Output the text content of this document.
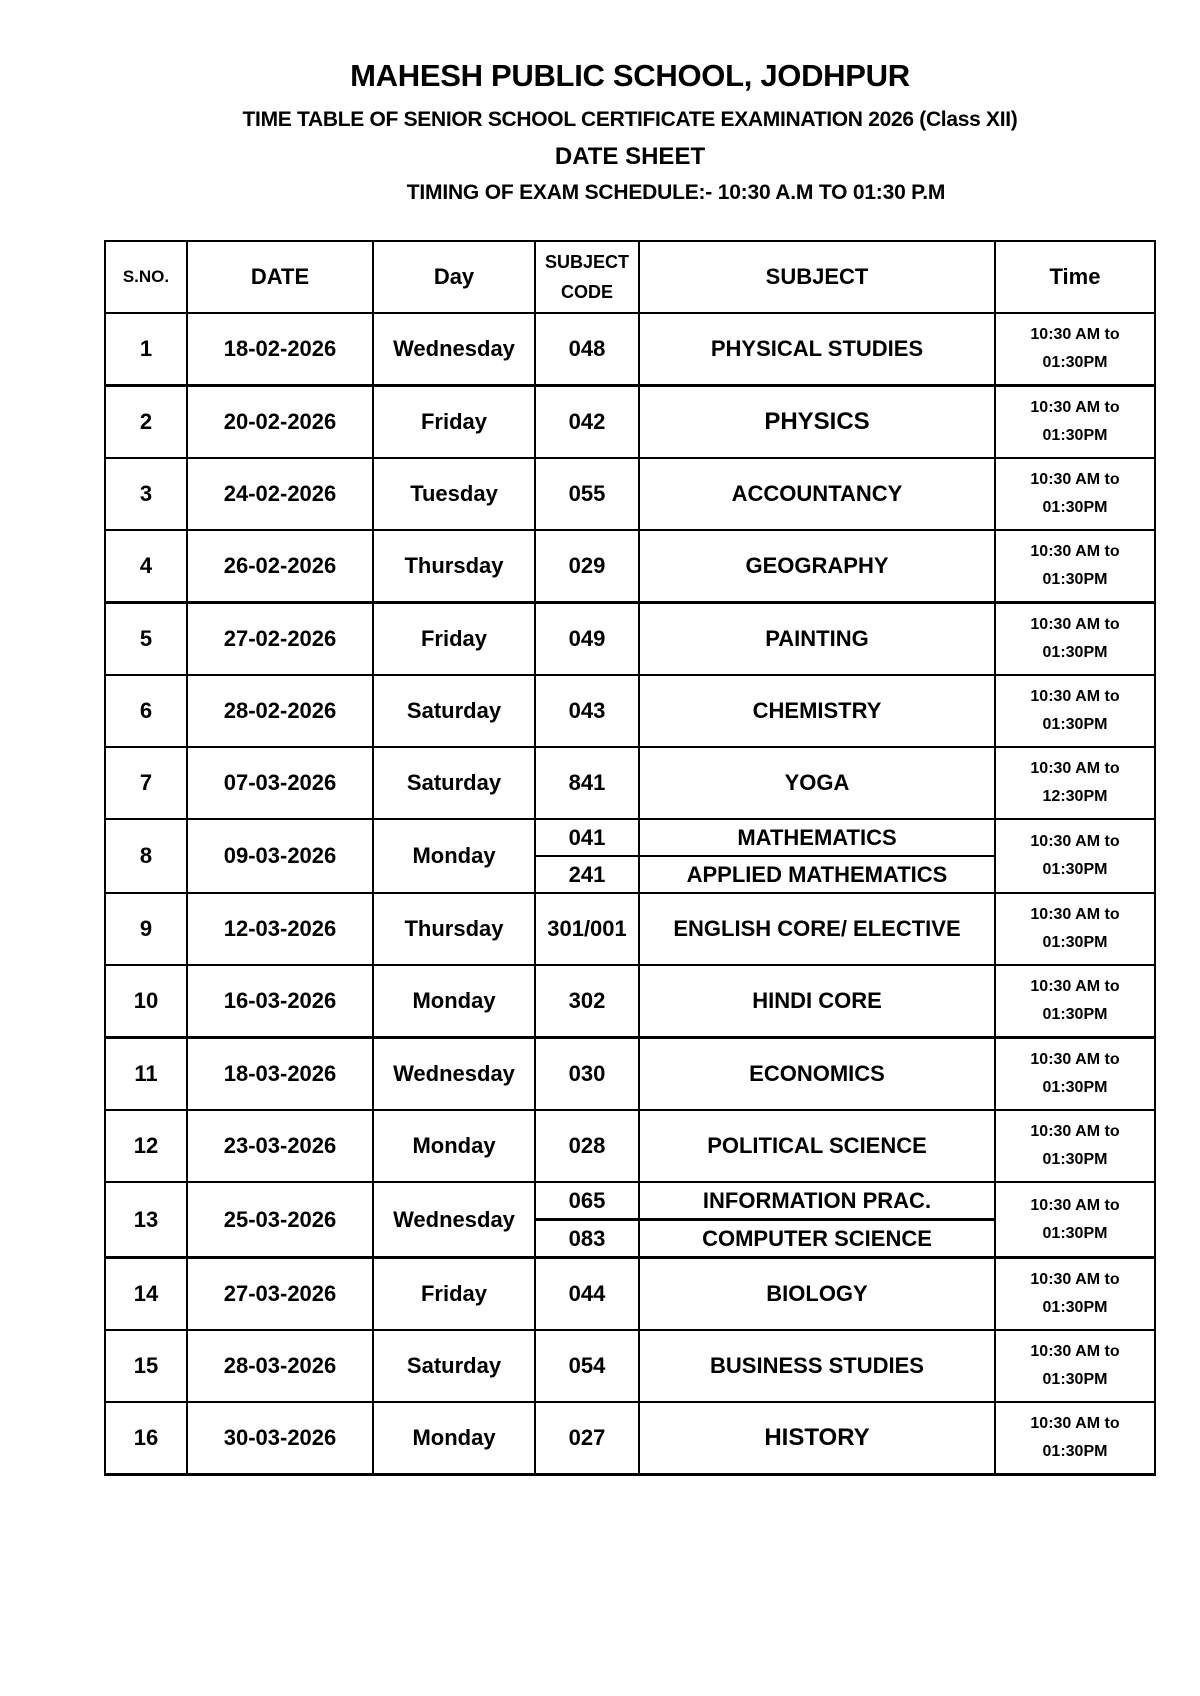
MAHESH PUBLIC SCHOOL, JODHPUR
TIME TABLE OF SENIOR SCHOOL CERTIFICATE EXAMINATION 2026 (Class XII)
DATE SHEET
TIMING OF EXAM SCHEDULE:- 10:30 A.M TO 01:30 P.M
S.NO.	DATE	Day	SUBJECT CODE	SUBJECT	Time
1	18-02-2026	Wednesday	048	PHYSICAL STUDIES	10:30 AM to
01:30PM

2	20-02-2026	Friday	042	PHYSICS	10:30 AM to
01:30PM

3	24-02-2026	Tuesday	055	ACCOUNTANCY	10:30 AM to
01:30PM

4	26-02-2026	Thursday	029	GEOGRAPHY	10:30 AM to
01:30PM

5	27-02-2026	Friday	049	PAINTING	10:30 AM to
01:30PM

6	28-02-2026	Saturday	043	CHEMISTRY	10:30 AM to
01:30PM

7	07-03-2026	Saturday	841	YOGA	10:30 AM to
12:30PM

8	09-03-2026	Monday	041	MATHEMATICS	10:30 AM to
01:30PM

			241	APPLIED MATHEMATICS	
9	12-03-2026	Thursday	301/001	ENGLISH CORE/ ELECTIVE	10:30 AM to
01:30PM

10	16-03-2026	Monday	302	HINDI CORE	10:30 AM to
01:30PM

11	18-03-2026	Wednesday	030	ECONOMICS	10:30 AM to
01:30PM

12	23-03-2026	Monday	028	POLITICAL SCIENCE	10:30 AM to
01:30PM

13	25-03-2026	Wednesday	065	INFORMATION PRAC.	10:30 AM to
01:30PM

			083	COMPUTER SCIENCE	
14	27-03-2026	Friday	044	BIOLOGY	10:30 AM to
01:30PM

15	28-03-2026	Saturday	054	BUSINESS STUDIES	10:30 AM to
01:30PM

16	30-03-2026	Monday	027	HISTORY	10:30 AM to
01:30PM
